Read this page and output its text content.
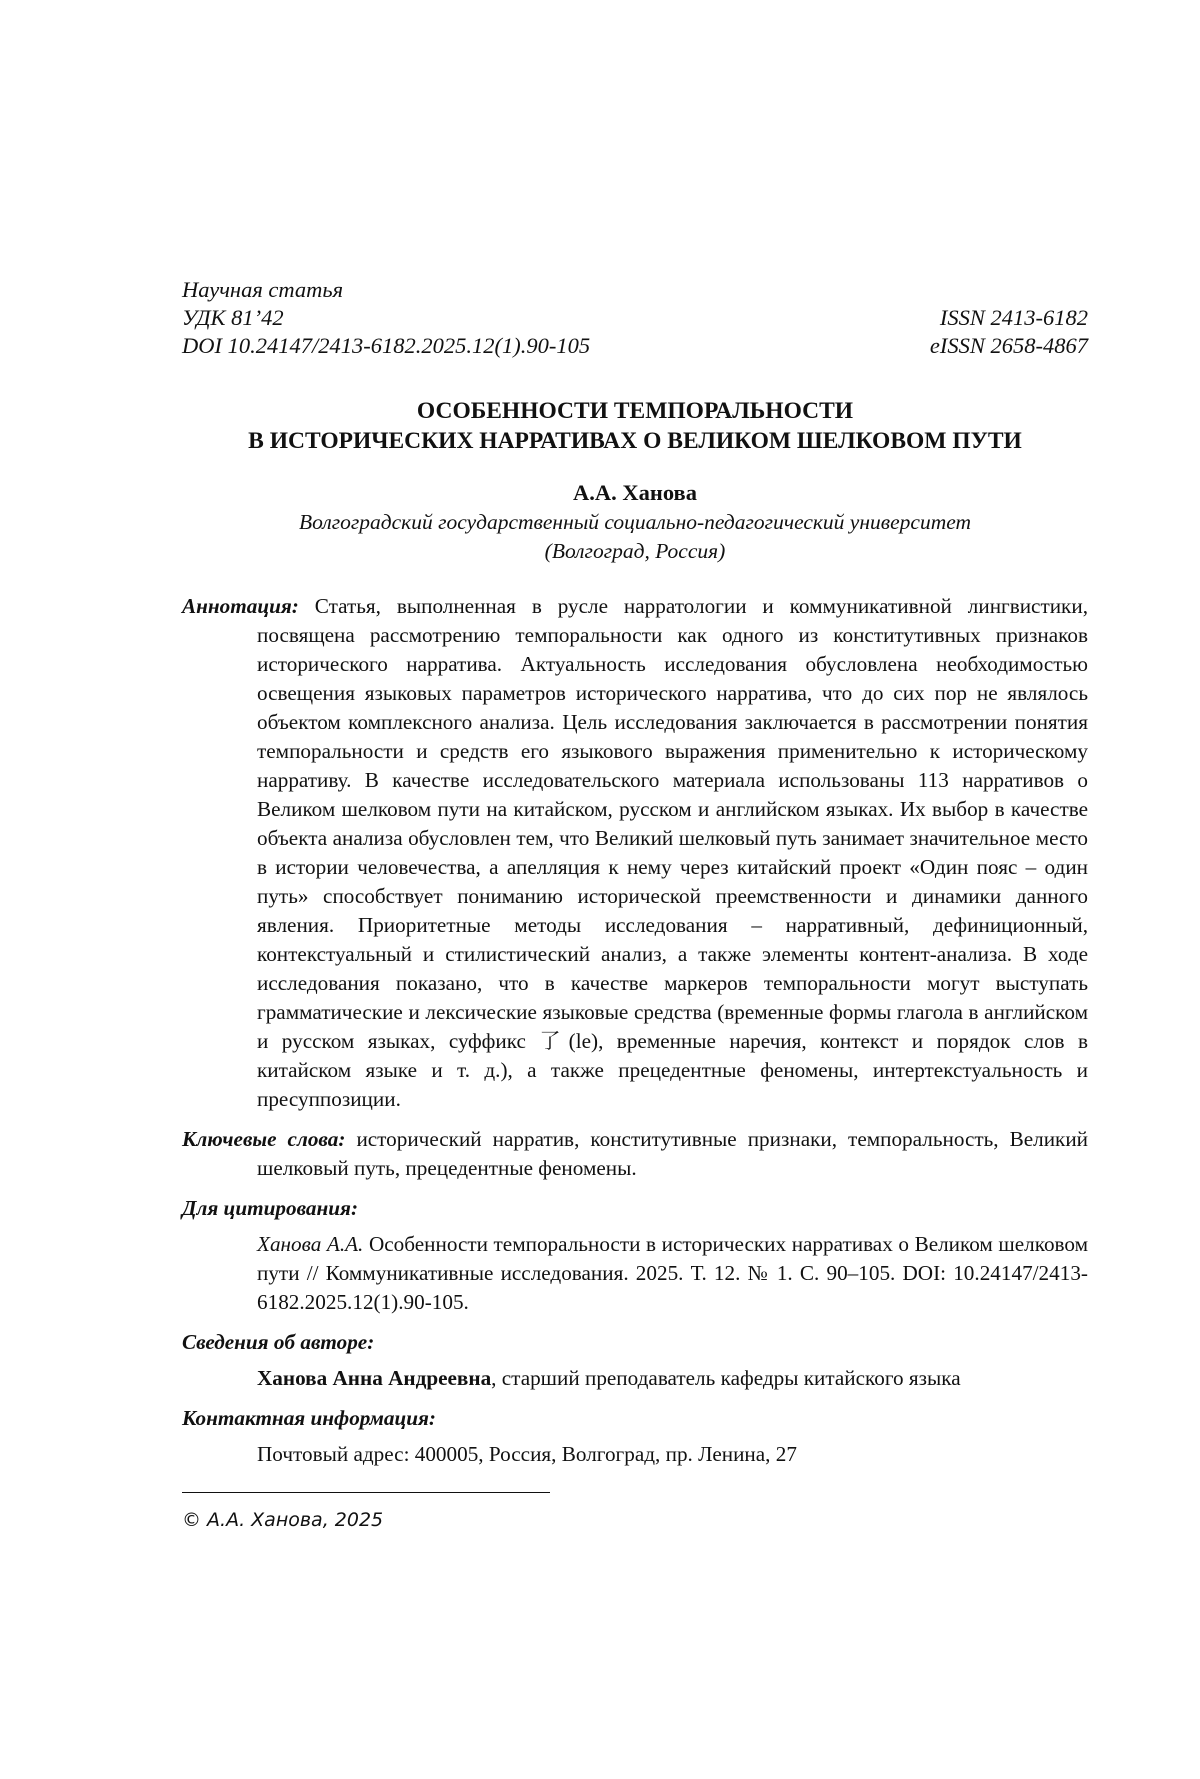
Научная статья
УДК 81’42	ISSN 2413-6182
DOI 10.24147/2413-6182.2025.12(1).90-105	eISSN 2658-4867
ОСОБЕННОСТИ ТЕМПОРАЛЬНОСТИ
В ИСТОРИЧЕСКИХ НАРРАТИВАХ О ВЕЛИКОМ ШЕЛКОВОМ ПУТИ
А.А. Ханова
Волгоградский государственный социально-педагогический университет
(Волгоград, Россия)
Аннотация: Статья, выполненная в русле нарратологии и коммуникативной лингвистики, посвящена рассмотрению темпоральности как одного из конститутивных признаков исторического нарратива. Актуальность исследования обусловлена необходимостью освещения языковых параметров исторического нарратива, что до сих пор не являлось объектом комплексного анализа. Цель исследования заключается в рассмотрении понятия темпоральности и средств его языкового выражения применительно к историческому нарративу. В качестве исследовательского материала использованы 113 нарративов о Великом шелковом пути на китайском, русском и английском языках. Их выбор в качестве объекта анализа обусловлен тем, что Великий шелковый путь занимает значительное место в истории человечества, а апелляция к нему через китайский проект «Один пояс – один путь» способствует пониманию исторической преемственности и динамики данного явления. Приоритетные методы исследования – нарративный, дефиниционный, контекстуальный и стилистический анализ, а также элементы контент-анализа. В ходе исследования показано, что в качестве маркеров темпоральности могут выступать грамматические и лексические языковые средства (временные формы глагола в английском и русском языках, суффикс 了(le), временные наречия, контекст и порядок слов в китайском языке и т. д.), а также прецедентные феномены, интертекстуальность и пресуппозиции.
Ключевые слова: исторический нарратив, конститутивные признаки, темпоральность, Великий шелковый путь, прецедентные феномены.
Для цитирования:
Ханова А.А. Особенности темпоральности в исторических нарративах о Великом шелковом пути // Коммуникативные исследования. 2025. Т. 12. № 1. С. 90–105. DOI: 10.24147/2413-6182.2025.12(1).90-105.
Сведения об авторе:
Ханова Анна Андреевна, старший преподаватель кафедры китайского языка
Контактная информация:
Почтовый адрес: 400005, Россия, Волгоград, пр. Ленина, 27
© А.А. Ханова, 2025
